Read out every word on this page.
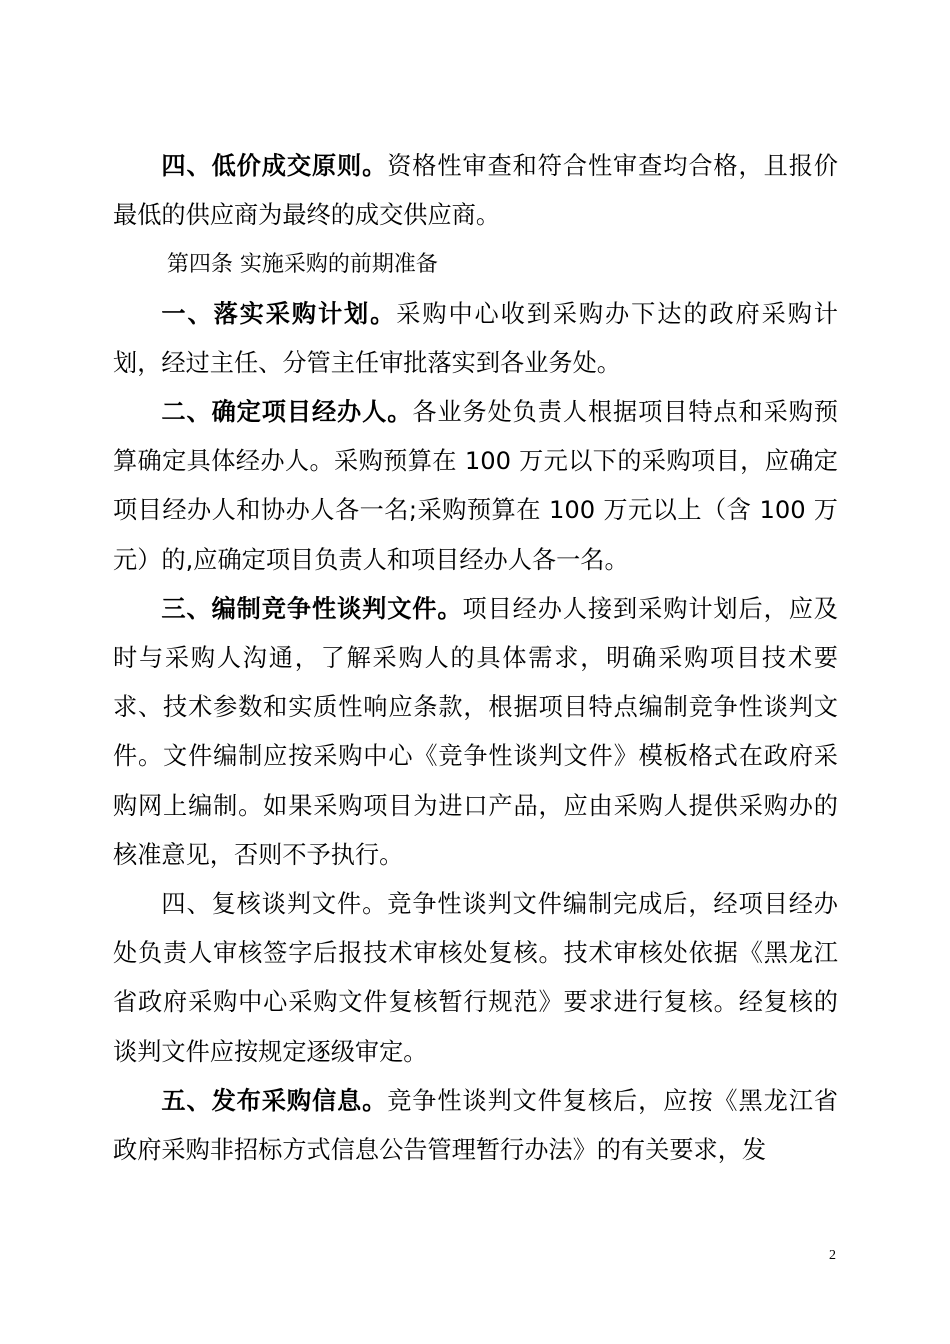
四、低价成交原则。资格性审查和符合性审查均合格，且报价最低的供应商为最终的成交供应商。

第四条 实施采购的前期准备

一、落实采购计划。采购中心收到采购办下达的政府采购计划，经过主任、分管主任审批落实到各业务处。

二、确定项目经办人。各业务处负责人根据项目特点和采购预算确定具体经办人。采购预算在 100 万元以下的采购项目，应确定项目经办人和协办人各一名;采购预算在 100 万元以上（含 100 万元）的,应确定项目负责人和项目经办人各一名。

三、编制竞争性谈判文件。项目经办人接到采购计划后，应及时与采购人沟通，了解采购人的具体需求，明确采购项目技术要求、技术参数和实质性响应条款，根据项目特点编制竞争性谈判文件。文件编制应按采购中心《竞争性谈判文件》模板格式在政府采购网上编制。如果采购项目为进口产品，应由采购人提供采购办的核准意见，否则不予执行。

四、复核谈判文件。竞争性谈判文件编制完成后，经项目经办处负责人审核签字后报技术审核处复核。技术审核处依据《黑龙江省政府采购中心采购文件复核暂行规范》要求进行复核。经复核的谈判文件应按规定逐级审定。

五、发布采购信息。竞争性谈判文件复核后，应按《黑龙江省政府采购非招标方式信息公告管理暂行办法》的有关要求，发

2
